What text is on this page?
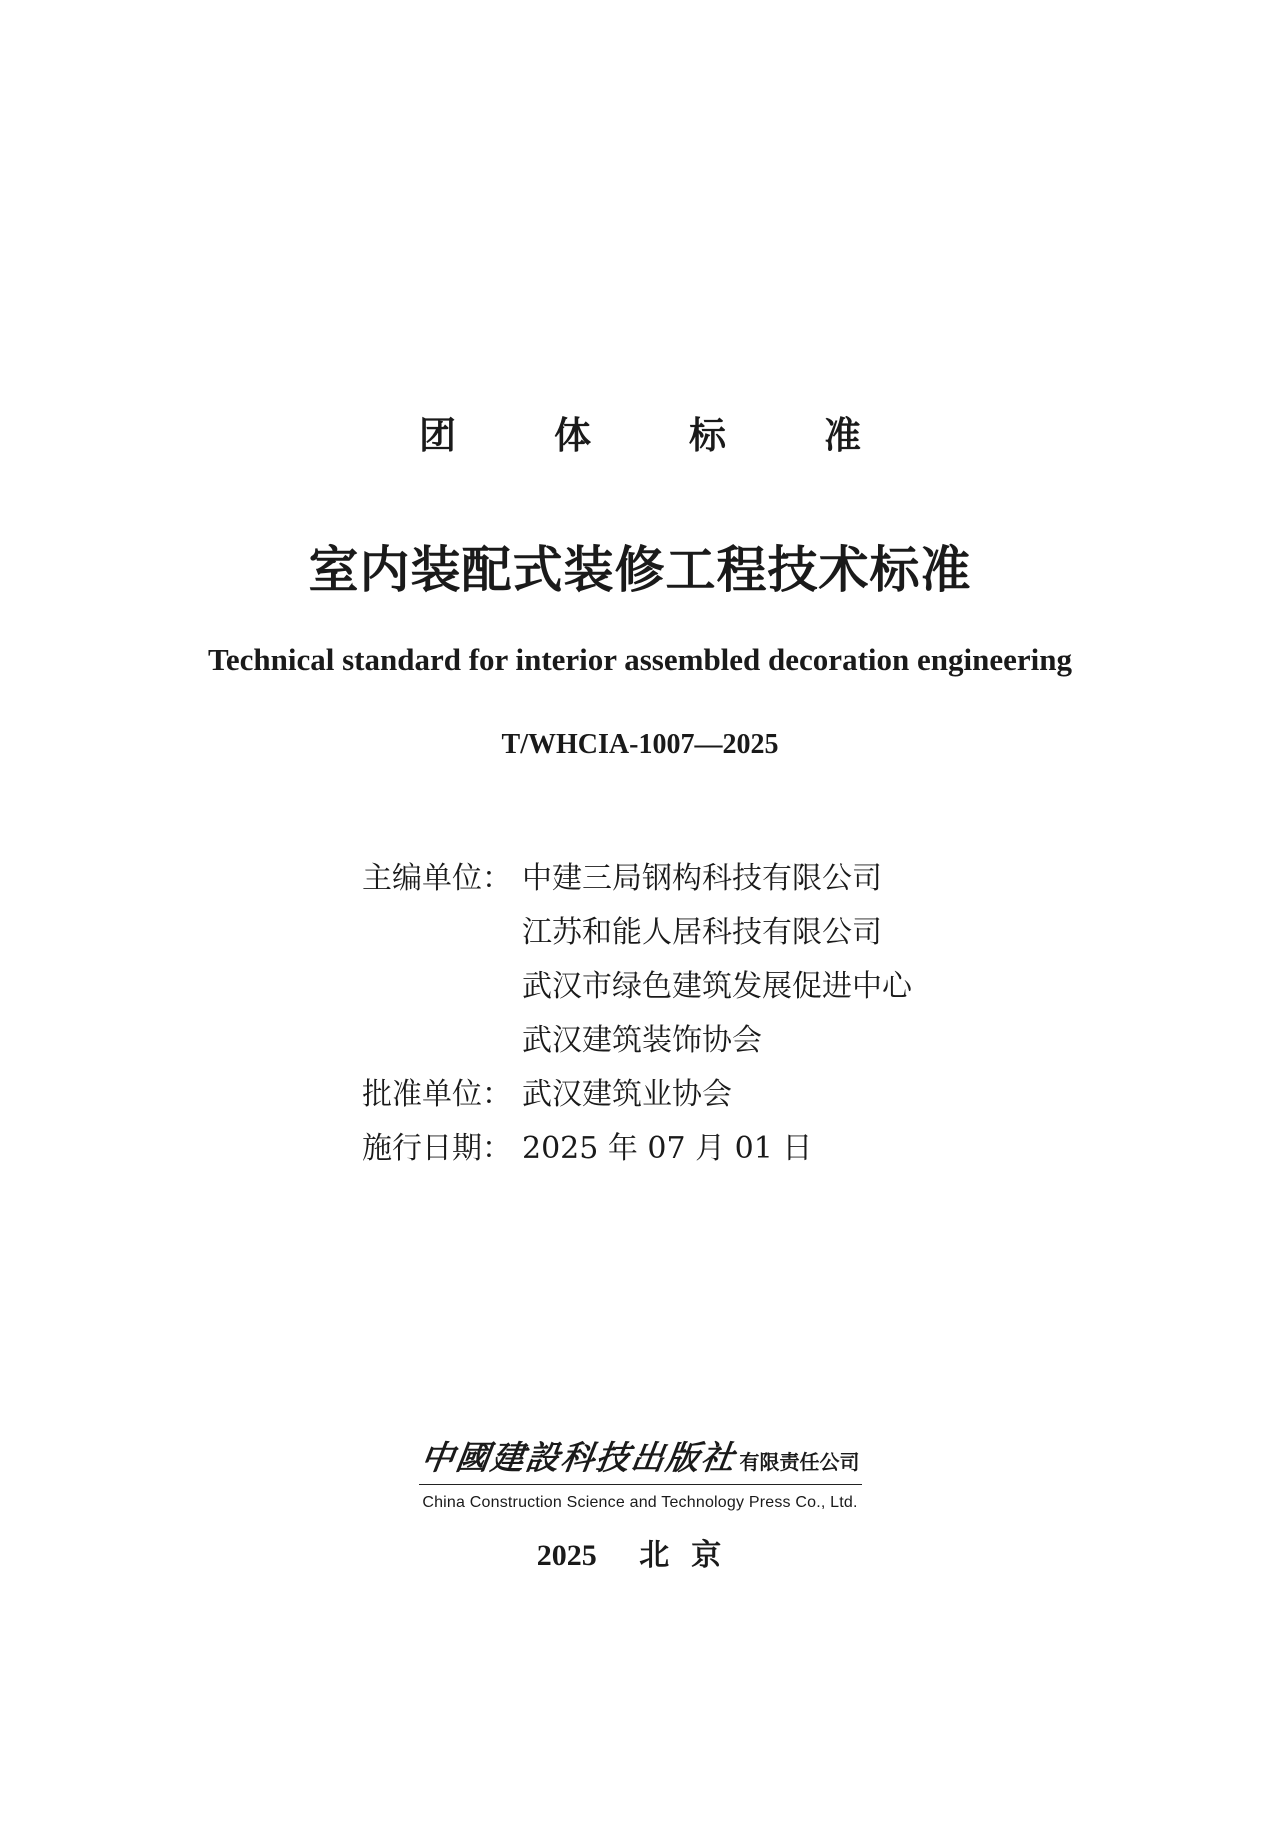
团体标准
室内装配式装修工程技术标准
Technical standard for interior assembled decoration engineering
T/WHCIA-1007—2025
主编单位： 中建三局钢构科技有限公司
江苏和能人居科技有限公司
武汉市绿色建筑发展促进中心
武汉建筑装饰协会
批准单位： 武汉建筑业协会
施行日期： 2025 年 07 月 01 日
中國建設科技出版社 有限责任公司
China Construction Science and Technology Press Co., Ltd.
2025 北京
